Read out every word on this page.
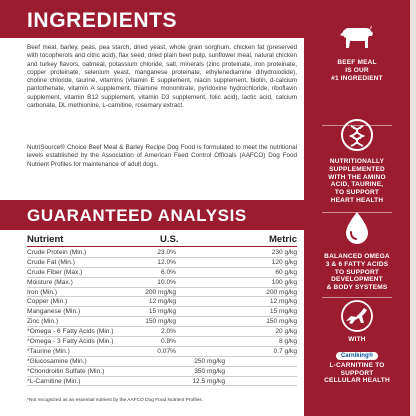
INGREDIENTS

Beef meal, barley, peas, pea starch, dried yeast, whole grain sorghum, chicken fat (preserved with tocopherols and citric acid), flax seed, dried plain beet pulp, sunflower meal, natural chicken and turkey flavors, oatmeal, potassium chloride, salt, minerals (zinc proteinate, iron proteinate, copper proteinate, selenium yeast, manganese proteinate, ethylenediamine dihydroiodide), choline chloride, taurine, vitamins (vitamin E supplement, niacin supplement, biotin, d-calcium pantothenate, vitamin A supplement, thiamine mononitrate, pyridoxine hydrochloride, riboflavin supplement, vitamin B12 supplement, vitamin D3 supplement, folic acid), lactic acid, calcium carbonate, DL methionine, L-carnitine, rosemary extract.

NutriSource® Choice Beef Meal & Barley Recipe Dog Food is formulated to meet the nutritional levels established by the Association of American Feed Control Officials (AAFCO) Dog Food Nutrient Profiles for maintenance of adult dogs.

GUARANTEED ANALYSIS
Nutrient	U.S.	Metric
Crude Protein (Min.)	23.0%	230 g/kg
Crude Fat (Min.)	12.0%	120 g/kg
Crude Fiber (Max.)	6.0%	60 g/kg
Moisture (Max.)	10.0%	100 g/kg
Iron (Min.)	200 mg/kg	200 mg/kg
Copper (Min.)	12 mg/kg	12 mg/kg
Manganese (Min.)	15 mg/kg	15 mg/kg
Zinc (Min.)	150 mg/kg	150 mg/kg
*Omega - 6 Fatty Acids (Min.)	2.0%	20 g/kg
*Omega - 3 Fatty Acids (Min.)	0.8%	8 g/kg
*Taurine (Min.)	0.07%	0.7 g/kg
*Glucosamine (Min.)	250 mg/kg
*Chondroitin Sulfate (Min.)	350 mg/kg
*L-Carnitine (Min.)	12.5 mg/kg

*Not recognized as an essential nutrient by the AAFCO Dog Food Nutrient Profiles.

BEEF MEAL
IS OUR
#1 INGREDIENT
NUTRITIONALLY
SUPPLEMENTED
WITH THE AMINO
ACID, TAURINE,
TO SUPPORT
HEART HEALTH
BALANCED OMEGA
3 & 6 FATTY ACIDS
TO SUPPORT
DEVELOPMENT
& BODY SYSTEMS
WITH
Carniking®
L-CARNITINE TO
SUPPORT
CELLULAR HEALTH
